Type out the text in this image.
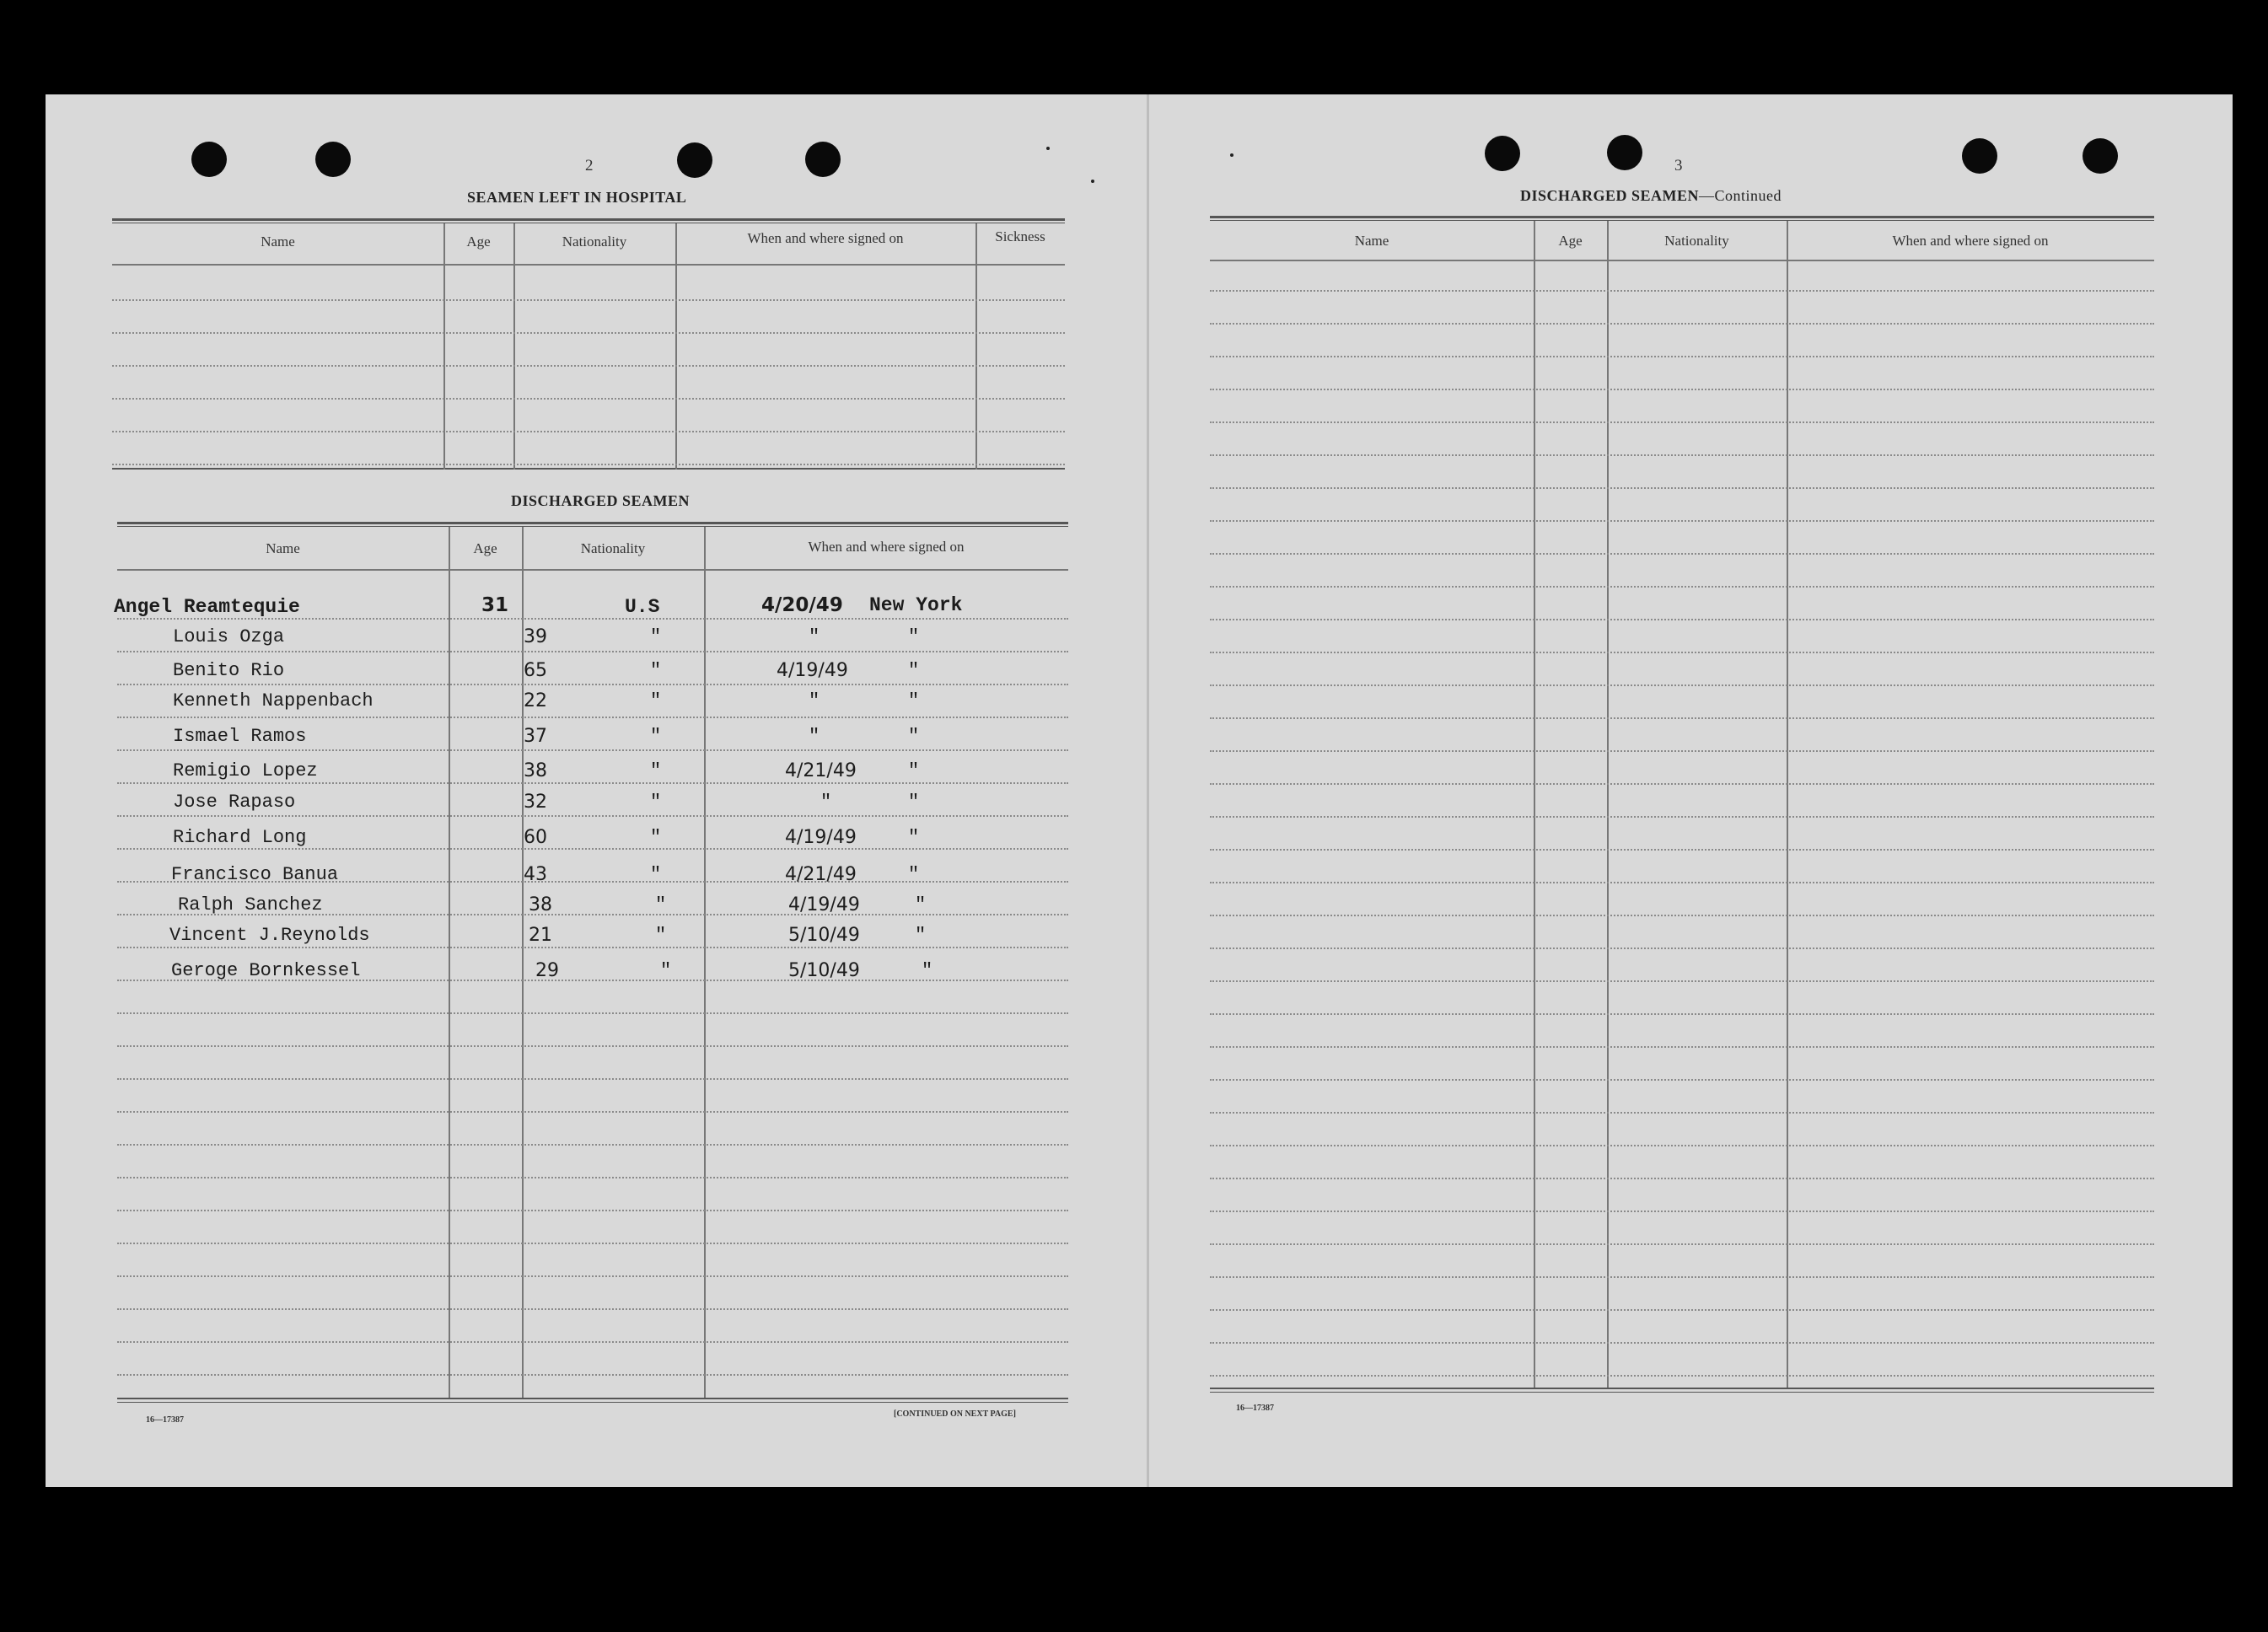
2
SEAMEN LEFT IN HOSPITAL
Name	Age	Nationality	When and where signed on	Sickness
DISCHARGED SEAMEN
Name	Age	Nationality	When and where signed on
Angel Reamtequie	31	U.S	4/20/49 New York
Louis Ozga	39	"	"	"
Benito Rio	65	"	4/19/49	"
Kenneth Nappenbach	22	"	"	"
Ismael Ramos	37	"	"	"
Remigio Lopez	38	"	4/21/49	"
Jose Rapaso	32	"	"	"
Richard Long	60	"	4/19/49	"
Francisco Banua	43	"	4/21/49	"
Ralph Sanchez	38	"	4/19/49	"
Vincent J.Reynolds	21	"	5/10/49	"
Geroge Bornkessel	29	"	5/10/49	"
16—17387
[CONTINUED ON NEXT PAGE]
3
DISCHARGED SEAMEN—Continued
Name	Age	Nationality	When and where signed on
16—17387
